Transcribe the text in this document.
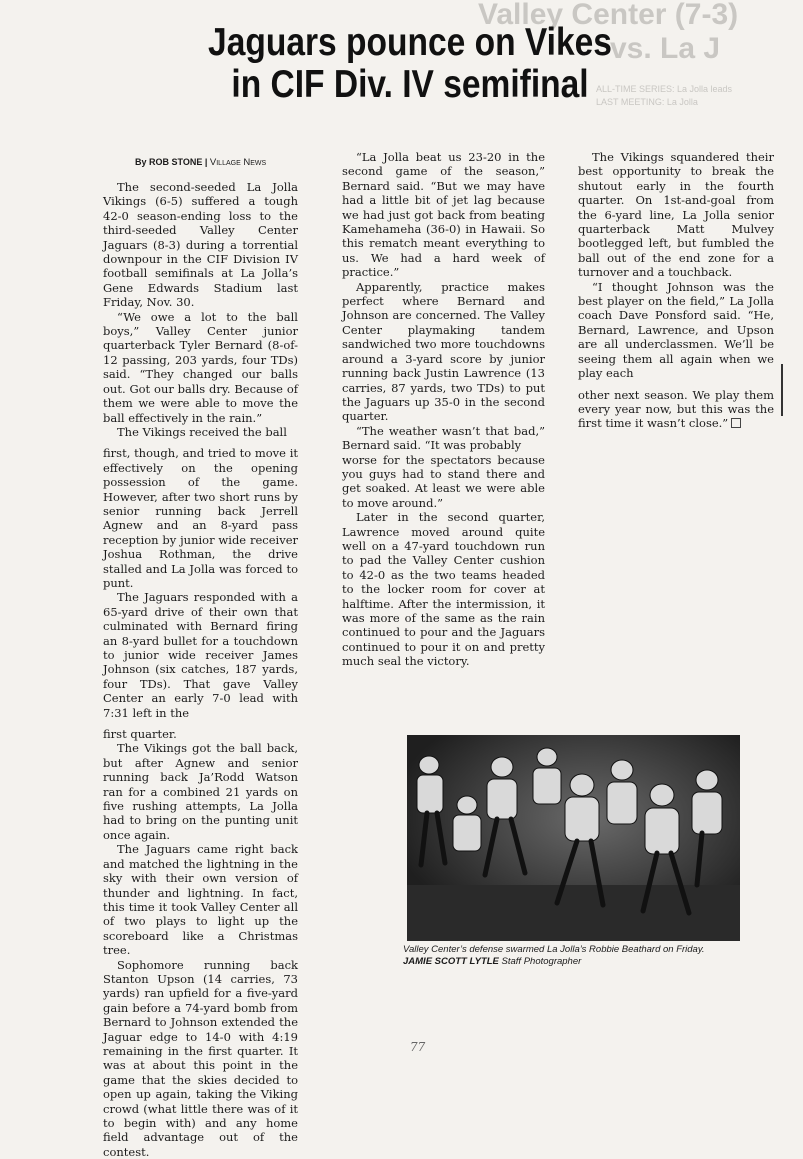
Valley Center (7-3)
vs. La J
ALL-TIME SERIES: La Jolla leads
LAST MEETING: La Jolla
Jaguars pounce on Vikes
in CIF Div. IV semifinal
By ROB STONE | Village News

The second-seeded La Jolla Vikings (6-5) suffered a tough 42-0 season-ending loss to the third-seeded Valley Center Jaguars (8-3) during a torrential downpour in the CIF Division IV football semifinals at La Jolla’s Gene Edwards Stadium last Friday, Nov. 30.

“We owe a lot to the ball boys,” Valley Center junior quarterback Tyler Bernard (8-of-12 passing, 203 yards, four TDs) said. “They changed our balls out. Got our balls dry. Because of them we were able to move the ball effectively in the rain.”

The Vikings received the ball

first, though, and tried to move it effectively on the opening possession of the game. However, after two short runs by senior running back Jerrell Agnew and an 8-yard pass reception by junior wide receiver Joshua Rothman, the drive stalled and La Jolla was forced to punt.

The Jaguars responded with a 65-yard drive of their own that culminated with Bernard firing an 8-yard bullet for a touchdown to junior wide receiver James Johnson (six catches, 187 yards, four TDs). That gave Valley Center an early 7-0 lead with 7:31 left in the

first quarter.

The Vikings got the ball back, but after Agnew and senior running back Ja’Rodd Watson ran for a combined 21 yards on five rushing attempts, La Jolla had to bring on the punting unit once again.

The Jaguars came right back and matched the lightning in the sky with their own version of thunder and lightning. In fact, this time it took Valley Center all of two plays to light up the scoreboard like a Christmas tree.

Sophomore running back Stanton Upson (14 carries, 73 yards) ran upfield for a five-yard gain before a 74-yard bomb from Bernard to Johnson extended the Jaguar edge to 14-0 with 4:19 remaining in the first quarter. It was at about this point in the game that the skies decided to open up again, taking the Viking crowd (what little there was of it to begin with) and any home field advantage out of the contest.

“La Jolla beat us 23-20 in the second game of the season,” Bernard said. “But we may have had a little bit of jet lag because we had just got back from beating Kamehameha (36-0) in Hawaii. So this rematch meant everything to us. We had a hard week of practice.”

Apparently, practice makes perfect where Bernard and Johnson are concerned. The Valley Center playmaking tandem sandwiched two more touchdowns around a 3-yard score by junior running back Justin Lawrence (13 carries, 87 yards, two TDs) to put the Jaguars up 35-0 in the second quarter.

“The weather wasn’t that bad,” Bernard said. “It was probably

worse for the spectators because you guys had to stand there and get soaked. At least we were able to move around.”

Later in the second quarter, Lawrence moved around quite well on a 47-yard touchdown run to pad the Valley Center cushion to 42-0 as the two teams headed to the locker room for cover at halftime. After the intermission, it was more of the same as the rain continued to pour and the Jaguars continued to pour it on and pretty much seal the victory.

The Vikings squandered their best opportunity to break the shutout early in the fourth quarter. On 1st-and-goal from the 6-yard line, La Jolla senior quarterback Matt Mulvey bootlegged left, but fumbled the ball out of the end zone for a turnover and a touchback.

“I thought Johnson was the best player on the field,” La Jolla coach Dave Ponsford said. “He, Bernard, Lawrence, and Upson are all underclassmen. We’ll be seeing them all again when we play each

other next season. We play them every year now, but this was the first time it wasn’t close.”

Valley Center’s defense swarmed La Jolla’s Robbie Beathard on Friday.
JAMIE SCOTT LYTLE Staff Photographer
77
